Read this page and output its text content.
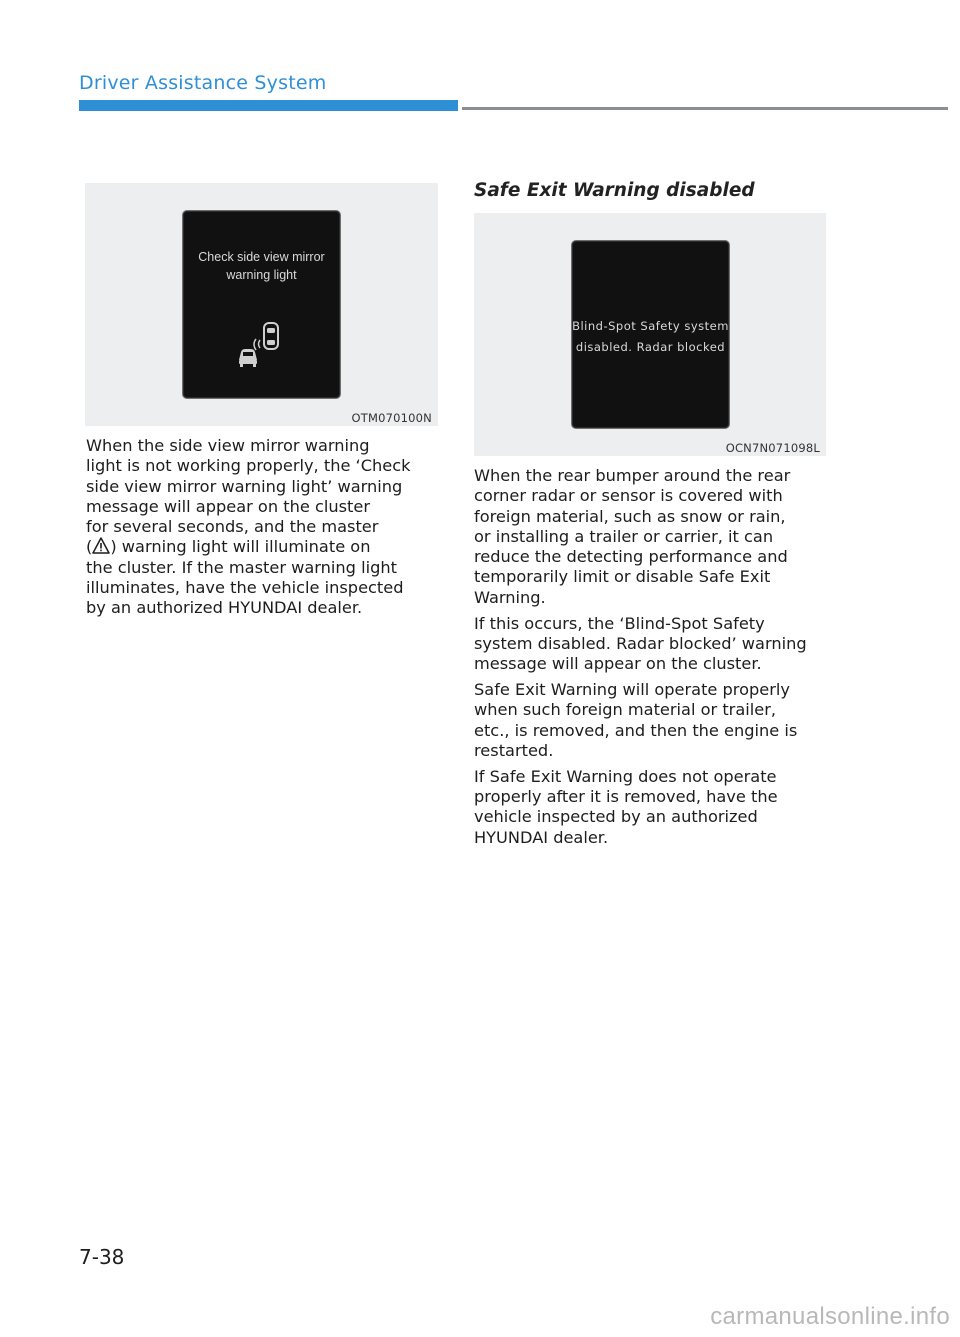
Driver Assistance System
Check side view mirror
warning light
OTM070100N

When the side view mirror warning
light is not working properly, the ‘Check
side view mirror warning light’ warning
message will appear on the cluster
for several seconds, and the master
( ) warning light will illuminate on
the cluster. If the master warning light
illuminates, have the vehicle inspected
by an authorized HYUNDAI dealer.

Safe Exit Warning disabled
Blind-Spot Safety system
disabled. Radar blocked
OCN7N071098L

When the rear bumper around the rear
corner radar or sensor is covered with
foreign material, such as snow or rain,
or installing a trailer or carrier, it can
reduce the detecting performance and
temporarily limit or disable Safe Exit
Warning.

If this occurs, the ‘Blind-Spot Safety
system disabled. Radar blocked’ warning
message will appear on the cluster.

Safe Exit Warning will operate properly
when such foreign material or trailer,
etc., is removed, and then the engine is
restarted.

If Safe Exit Warning does not operate
properly after it is removed, have the
vehicle inspected by an authorized
HYUNDAI dealer.

7-38
carmanualsonline.info
